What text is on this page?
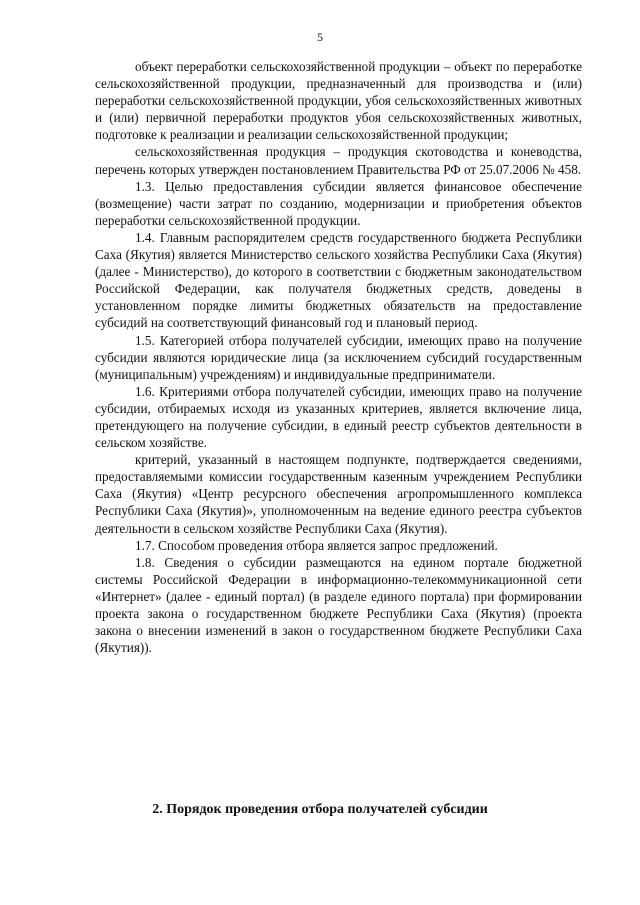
5

объект переработки сельскохозяйственной продукции – объект по переработке сельскохозяйственной продукции, предназначенный для производства и (или) переработки сельскохозяйственной продукции, убоя сельскохозяйственных животных и (или) первичной переработки продуктов убоя сельскохозяйственных животных, подготовке к реализации и реализации сельскохозяйственной продукции;

сельскохозяйственная продукция – продукция скотоводства и коневодства, перечень которых утвержден постановлением Правительства РФ от 25.07.2006 № 458.

1.3. Целью предоставления субсидии является финансовое обеспечение (возмещение) части затрат по созданию, модернизации и приобретения объектов переработки сельскохозяйственной продукции.

1.4. Главным распорядителем средств государственного бюджета Республики Саха (Якутия) является Министерство сельского хозяйства Республики Саха (Якутия) (далее - Министерство), до которого в соответствии с бюджетным законодательством Российской Федерации, как получателя бюджетных средств, доведены в установленном порядке лимиты бюджетных обязательств на предоставление субсидий на соответствующий финансовый год и плановый период.

1.5. Категорией отбора получателей субсидии, имеющих право на получение субсидии являются юридические лица (за исключением субсидий государственным (муниципальным) учреждениям) и индивидуальные предприниматели.

1.6. Критериями отбора получателей субсидии, имеющих право на получение субсидии, отбираемых исходя из указанных критериев, является включение лица, претендующего на получение субсидии, в единый реестр субъектов деятельности в сельском хозяйстве.

критерий, указанный в настоящем подпункте, подтверждается сведениями, предоставляемыми комиссии государственным казенным учреждением Республики Саха (Якутия) «Центр ресурсного обеспечения агропромышленного комплекса Республики Саха (Якутия)», уполномоченным на ведение единого реестра субъектов деятельности в сельском хозяйстве Республики Саха (Якутия).

1.7. Способом проведения отбора является запрос предложений.

1.8. Сведения о субсидии размещаются на едином портале бюджетной системы Российской Федерации в информационно-телекоммуникационной сети «Интернет» (далее - единый портал) (в разделе единого портала) при формировании проекта закона о государственном бюджете Республики Саха (Якутия) (проекта закона о внесении изменений в закон о государственном бюджете Республики Саха (Якутия)).

2. Порядок проведения отбора получателей субсидии
